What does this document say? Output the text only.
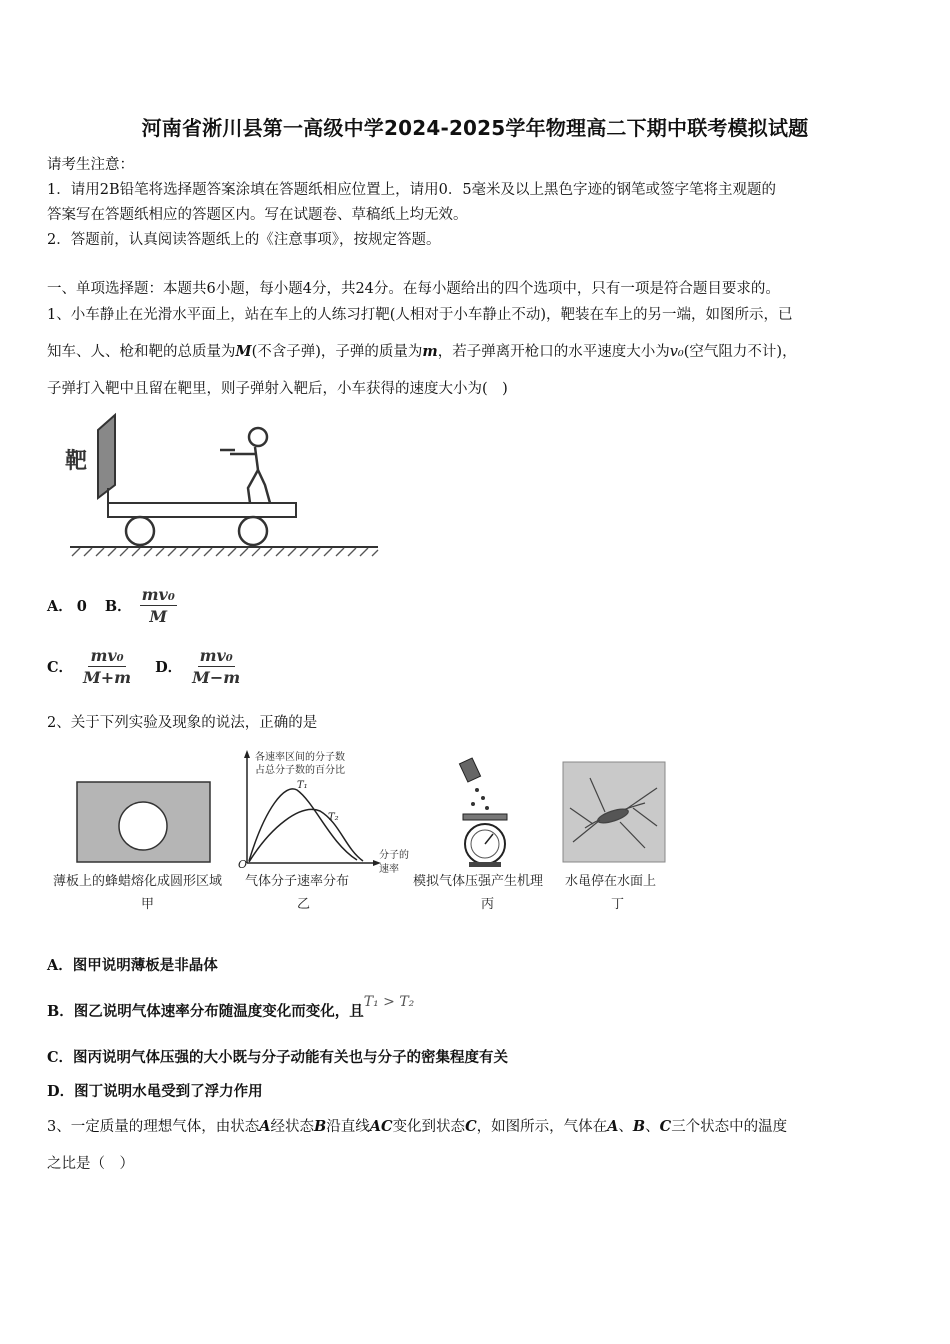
河南省淅川县第一高级中学2024-2025学年物理高二下期中联考模拟试题
请考生注意：
1．请用2B铅笔将选择题答案涂填在答题纸相应位置上，请用0．5毫米及以上黑色字迹的钢笔或签字笔将主观题的
答案写在答题纸相应的答题区内。写在试题卷、草稿纸上均无效。
2．答题前，认真阅读答题纸上的《注意事项》，按规定答题。
一、单项选择题：本题共6小题，每小题4分，共24分。在每小题给出的四个选项中，只有一项是符合题目要求的。
1、小车静止在光滑水平面上，站在车上的人练习打靶(人相对于小车静止不动)，靶装在车上的另一端，如图所示，已
知车、人、枪和靶的总质量为M(不含子弹)，子弹的质量为m，若子弹离开枪口的水平速度大小为v₀(空气阻力不计)，
子弹打入靶中且留在靶里，则子弹射入靶后，小车获得的速度大小为(　)
靶
A． 0 B． $\frac{\text{mv₀}}{M}$
C． $\frac{\text{mv₀}}{M+m}$ D． $\frac{\text{mv₀}}{M-m}$
2、关于下列实验及现象的说法，正确的是
薄板上的蜂蜡熔化成圆形区域
甲
各速率区间的分子数
占总分子数的百分比
T₁
T₂
O
分子的
速率
气体分子速率分布
乙
模拟气体压强产生机理
丙
水黾停在水面上
丁
A．图甲说明薄板是非晶体
B．图乙说明气体速率分布随温度变化而变化，且T₁ > T₂
C．图丙说明气体压强的大小既与分子动能有关也与分子的密集程度有关
D．图丁说明水黾受到了浮力作用
3、一定质量的理想气体，由状态A经状态B沿直线AC变化到状态C，如图所示，气体在A、B、C三个状态中的温度
之比是（　）
